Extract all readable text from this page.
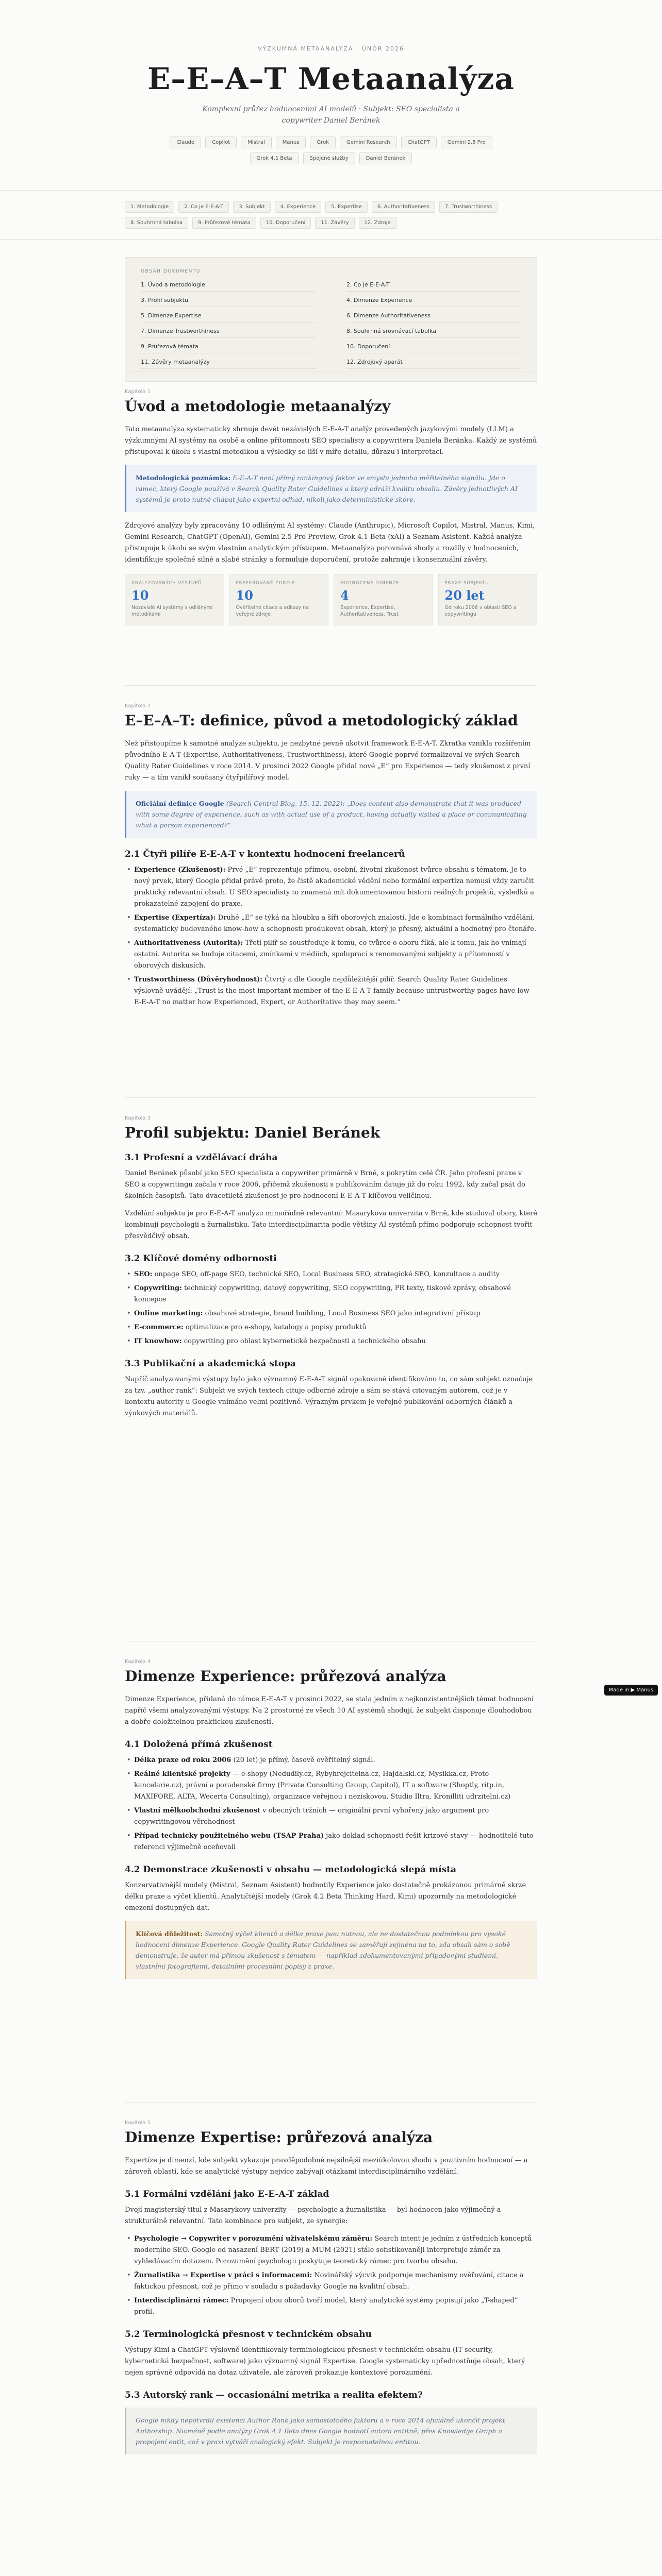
VÝZKUMNÁ METAANALÝZA · ÚNOR 2026
E–E–A–T Metaanalýza
Komplexní průřez hodnoceními AI modelů · Subjekt: SEO specialista a copywriter Daniel Beránek
Claude	Copilot	Mistral	Manus	Grok	Gemini Research	ChatGPT	Gemini 2.5 Pro
Grok 4.1 Beta	Spojené služby	Daniel Beránek
1. Metodologie	2. Co je E-E-A-T	3. Subjekt	4. Experience	5. Expertise	6. Authoritativeness	7. Trustworthiness
8. Souhrnná tabulka	9. Průřezové témata	10. Doporučení	11. Závěry	12. Zdroje
OBSAH DOKUMENTU
1. Úvod a metodologie	2. Co je E-E-A-T
3. Profil subjektu	4. Dimenze Experience
5. Dimenze Expertise	6. Dimenze Authoritativeness
7. Dimenze Trustworthiness	8. Souhrnná srovnávací tabulka
9. Průřezová témata	10. Doporučení
11. Závěry metaanalýzy	12. Zdrojový aparát
Kapitola 1
Úvod a metodologie metaanalýzy

Tato metaanalýza systematicky shrnuje devět nezávislých E-E-A-T analýz provedených jazykovými modely (LLM) a výzkumnými AI systémy na osobě a online přítomnosti SEO specialisty a copywritera Daniela Beránka. Každý ze systémů přistupoval k úkolu s vlastní metodikou a výsledky se liší v míře detailu, důrazu i interpretaci.

Metodologická poznámka: E-E-A-T není přímý rankingový faktor ve smyslu jednoho měřitelného signálu. Jde o rámec, který Google používá v Search Quality Rater Guidelines a který odráží kvalitu obsahu. Závěry jednotlivých AI systémů je proto nutné chápat jako expertní odhad, nikoli jako deterministické skóre.

Zdrojové analýzy byly zpracovány 10 odlišnými AI systémy: Claude (Anthropic), Microsoft Copilot, Mistral, Manus, Kimi, Gemini Research, ChatGPT (OpenAI), Gemini 2.5 Pro Preview, Grok 4.1 Beta (xAI) a Seznam Asistent. Každá analýza přistupuje k úkolu se svým vlastním analytickým přístupem. Metaanalýza porovnává shody a rozdíly v hodnoceních, identifikuje společné silné a slabé stránky a formuluje doporučení, protože zahrnuje i konsenzuální závěry.

ANALYZOVANÝCH VÝSTUPŮ
10
Nezávislé AI systémy s odlišnými metodikami
PREFEROVANÉ ZDROJE
10
Ověřitelné citace a odkazy na veřejné zdroje
HODNOCENÉ DIMENZE
4
Experience, Expertise, Authoritativeness, Trust
PRAXE SUBJEKTU
20 let
Od roku 2006 v oblasti SEO a copywritingu
Kapitola 2
E–E–A–T: definice, původ a metodologický základ

Než přistoupíme k samotné analýze subjektu, je nezbytné pevně ukotvit framework E-E-A-T. Zkratka vznikla rozšířením původního E-A-T (Expertise, Authoritativeness, Trustworthiness), které Google poprvé formalizoval ve svých Search Quality Rater Guidelines v roce 2014. V prosinci 2022 Google přidal nové „E“ pro Experience — tedy zkušenost z první ruky — a tím vznikl současný čtyřpilířový model.

Oficiální definice Google (Search Central Blog, 15. 12. 2022): „Does content also demonstrate that it was produced with some degree of experience, such as with actual use of a product, having actually visited a place or communicating what a person experienced?“
2.1 Čtyři pilíře E-E-A-T v kontextu hodnocení freelancerů
• Experience (Zkušenost): Prvé „E“ reprezentuje přímou, osobní, životní zkušenost tvůrce obsahu s tématem. Je to nový prvek, který Google přidal právě proto, že čistě akademické vědění nebo formální expertíza nemusí vždy zaručit praktický relevantní obsah. U SEO specialisty to znamená mít dokumentovanou historii reálných projektů, výsledků a prokazatelné zapojení do praxe.
• Expertise (Expertíza): Druhé „E“ se týká na hloubku a šíři oborových znalostí. Jde o kombinaci formálního vzdělání, systematicky budovaného know-how a schopnosti produkovat obsah, který je přesný, aktuální a hodnotný pro čtenáře.
• Authoritativeness (Autorita): Třetí pilíř se soustřeďuje k tomu, co tvůrce o oboru říká, ale k tomu, jak ho vnímají ostatní. Autorita se buduje citacemi, zmínkami v médiích, spoluprací s renomovanými subjekty a přítomností v oborových diskusích.
• Trustworthiness (Důvěryhodnost): Čtvrtý a dle Google nejdůležitější pilíř. Search Quality Rater Guidelines výslovně uvádějí: „Trust is the most important member of the E-E-A-T family because untrustworthy pages have low E-E-A-T no matter how Experienced, Expert, or Authoritative they may seem.“
Kapitola 3
Profil subjektu: Daniel Beránek
3.1 Profesní a vzdělávací dráha

Daniel Beránek působí jako SEO specialista a copywriter primárně v Brně, s pokrytím celé ČR. Jeho profesní praxe v SEO a copywritingu začala v roce 2006, přičemž zkušenosti s publikováním datuje již do roku 1992, kdy začal psát do školních časopisů. Tato dvacetiletá zkušenost je pro hodnocení E-E-A-T klíčovou veličinou.

Vzdělání subjektu je pro E-E-A-T analýzu mimořádně relevantní: Masarykova univerzita v Brně, kde studoval obory, které kombinují psychologii a žurnalistiku. Tato interdisciplinarita podle většiny AI systémů přímo podporuje schopnost tvořit přesvědčivý obsah.

3.2 Klíčové domény odbornosti
• SEO: onpage SEO, off-page SEO, technické SEO, Local Business SEO, strategické SEO, konzultace a audity
• Copywriting: technický copywriting, datový copywriting, SEO copywriting, PR texty, tiskové zprávy, obsahové koncepce
• Online marketing: obsahové strategie, brand building, Local Business SEO jako integrativní přístup
• E-commerce: optimalizace pro e-shopy, katalogy a popisy produktů
• IT knowhow: copywriting pro oblast kybernetické bezpečnosti a technického obsahu
3.3 Publikační a akademická stopa

Napříč analyzovanými výstupy bylo jako významný E-E-A-T signál opakovaně identifikováno to, co sám subjekt označuje za tzv. „author rank“: Subjekt ve svých textech cituje odborné zdroje a sám se stává citovaným autorem, což je v kontextu autority u Google vnímáno velmi pozitivně. Výrazným prvkem je veřejné publikování odborných článků a výukových materiálů.

Made in ▶ Manus
Kapitola 4
Dimenze Experience: průřezová analýza

Dimenze Experience, přidaná do rámce E-E-A-T v prosinci 2022, se stala jedním z nejkonzistentnějších témat hodnocení napříč všemi analyzovanými výstupy. Na 2 prostorné ze všech 10 AI systémů shodují, že subjekt disponuje dlouhodobou a dobře doložitelnou praktickou zkušeností.

4.1 Doložená přímá zkušenost
• Délka praxe od roku 2006 (20 let) je přímý, časově ověřitelný signál.
• Reálné klientské projekty — e-shopy (Nedudily.cz, Rybyhrejcitelna.cz, Hajdalskl.cz, Mysikka.cz, Proto kancelarie.cz), právní a poradenské firmy (Private Consulting Group, Capitol), IT a software (Shoptly, ritp.in, MAXIFORE, ALTA, Wecerta Consulting), organizace veřejnou i neziskovou, Studio Iltra, Kronilliti udrzitelni.cz)
• Vlastní mělkoobchodní zkušenost v obecných tržních — originální první vyhořený jako argument pro copywritingovou věrohodnost
• Případ technicky použitelného webu (TSAP Praha) jako doklad schopnosti řešit krizové stavy — hodnotitelé tuto referenci výjimečně oceňovali
4.2 Demonstrace zkušenosti v obsahu — metodologická slepá místa

Konzervativnější modely (Mistral, Seznam Asistent) hodnotily Experience jako dostatečně prokázanou primárně skrze délku praxe a výčet klientů. Analytičtější modely (Grok 4.2 Beta Thinking Hard, Kimi) upozornily na metodologické omezení dostupných dat.

Klíčová důležitost: Samotný výčet klientů a délka praxe jsou nutnou, ale ne dostatečnou podmínkou pro vysoké hodnocení dimenze Experience. Google Quality Rater Guidelines se zaměřují zejména na to, zda obsah sám o sobě demonstruje, že autor má přímou zkušenost s tématem — například zdokumentovanými případovými studiemi, vlastními fotografiemi, detailními procesními popisy z praxe.
Kapitola 5
Dimenze Expertise: průřezová analýza

Expertíze je dimenzí, kde subjekt vykazuje pravděpodobně nejsilnější meziúkolovou shodu v pozitivním hodnocení — a zároveň oblastí, kde se analytické výstupy nejvíce zabývají otázkami interdisciplinárního vzdělání.

5.1 Formální vzdělání jako E-E-A-T základ

Dvojí magisterský titul z Masarykovy univerzity — psychologie a žurnalistika — byl hodnocen jako výjimečný a strukturálně relevantní. Tato kombinace pro subjekt, ze synergie:

• Psychologie → Copywriter v porozumění uživatelskému záměru: Search intent je jedním z ústředních konceptů moderního SEO. Google od nasazení BERT (2019) a MUM (2021) stále sofistikovaněji interpretuje záměr za vyhledávacím dotazem. Porozumění psychologii poskytuje teoretický rámec pro tvorbu obsahu.
• Žurnalistika → Expertise v práci s informacemi: Novinářský výcvik podporuje mechanismy ověřování, citace a faktickou přesnost, což je přímo v souladu s požadavky Google na kvalitní obsah.
• Interdisciplinární rámec: Propojení obou oborů tvoří model, který analytické systémy popisují jako „T-shaped“ profil.
5.2 Terminologická přesnost v technickém obsahu

Výstupy Kimi a ChatGPT výslovně identifikovaly terminologickou přesnost v technickém obsahu (IT security, kybernetická bezpečnost, software) jako významný signál Expertise. Google systematicky upřednostňuje obsah, který nejen správně odpovídá na dotaz uživatele, ale zároveň prokazuje kontextové porozumění.

5.3 Autorský rank — occasionální metrika a realita efektem?
Google nikdy nepotvrdil existenci Author Rank jako samostatného faktoru a v roce 2014 oficiálně ukončil projekt Authorship. Nicméně podle analýzy Grok 4.1 Beta dnes Google hodnotí autora entitně, přes Knowledge Graph a propojení entit, což v praxi vytváří analogický efekt. Subjekt je rozpoznatelnou entitou.
